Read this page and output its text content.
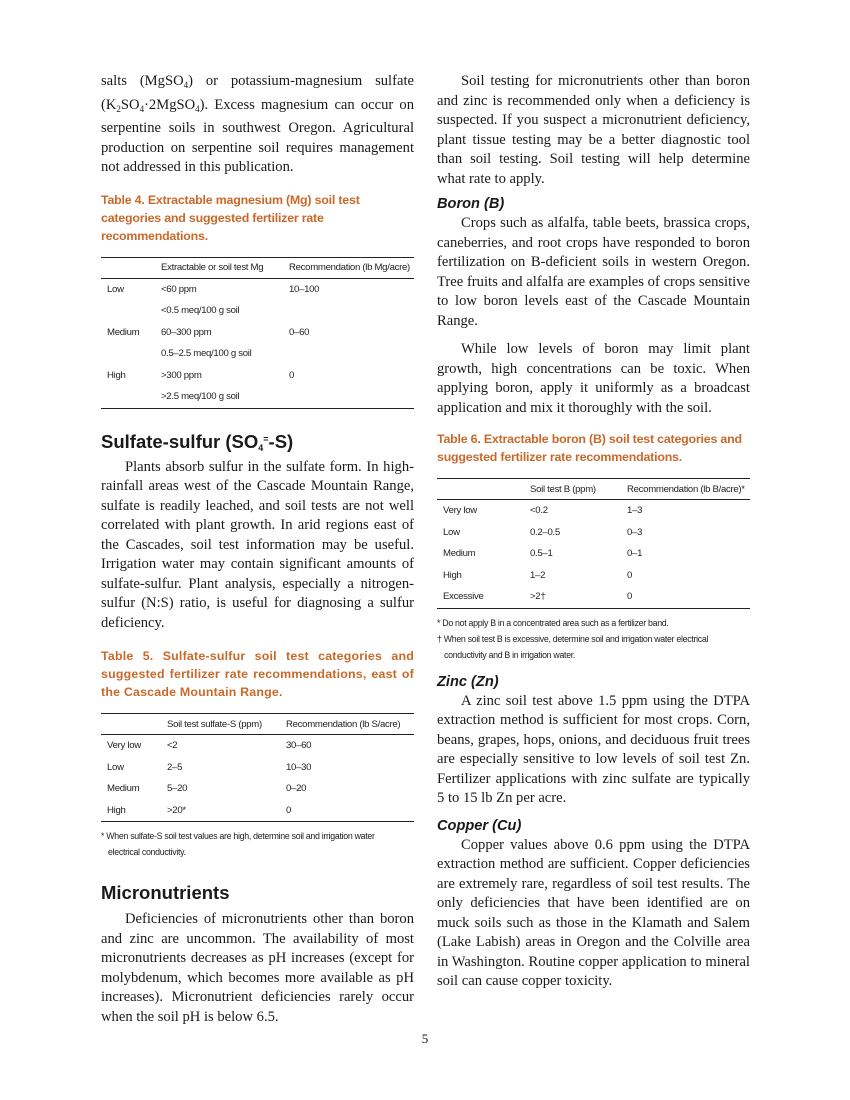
salts (MgSO$_4$) or potassium-magnesium sulfate $(K_2SO_4\cdot 2MgSO_4)$. Excess magnesium can occur on serpentine soils in southwest Oregon. Agricultural production on serpentine soil requires management not addressed in this publication.

Table 4. Extractable magnesium (Mg) soil test categories and suggested fertilizer rate recommendations.

	Extractable or soil test Mg	Recommendation (lb Mg/acre)
Low	<60 ppm	10–100
	<0.5 meq/100 g soil	
Medium	60–300 ppm	0–60
	0.5–2.5 meq/100 g soil	
High	>300 ppm	0
	>2.5 meq/100 g soil	
Sulfate-sulfur $(SO_4^=-S)$

Plants absorb sulfur in the sulfate form. In high-rainfall areas west of the Cascade Mountain Range, sulfate is readily leached, and soil tests are not well correlated with plant growth. In arid regions east of the Cascades, soil test information may be useful. Irrigation water may contain significant amounts of sulfate-sulfur. Plant analysis, especially a nitrogen-sulfur (N:S) ratio, is useful for diagnosing a sulfur deficiency.

Table 5. Sulfate-sulfur soil test categories and suggested fertilizer rate recommendations, east of the Cascade Mountain Range.

	Soil test sulfate-S (ppm)	Recommendation (lb S/acre)
Very low	<2	30–60
Low	2–5	10–30
Medium	5–20	0–20
High	>20*	0
* When sulfate-S soil test values are high, determine soil and irrigation water
electrical conductivity.
Micronutrients

Deficiencies of micronutrients other than boron and zinc are uncommon. The availability of most micronutrients decreases as pH increases (except for molybdenum, which becomes more available as pH increases). Micronutrient deficiencies rarely occur when the soil pH is below 6.5.

Soil testing for micronutrients other than boron and zinc is recommended only when a deficiency is suspected. If you suspect a micronutrient deficiency, plant tissue testing may be a better diagnostic tool than soil testing. Soil testing will help determine what rate to apply.

Boron (B)

Crops such as alfalfa, table beets, brassica crops, caneberries, and root crops have responded to boron fertilization on B-deficient soils in western Oregon. Tree fruits and alfalfa are examples of crops sensitive to low boron levels east of the Cascade Mountain Range.

While low levels of boron may limit plant growth, high concentrations can be toxic. When applying boron, apply it uniformly as a broadcast application and mix it thoroughly with the soil.

Table 6. Extractable boron (B) soil test categories and suggested fertilizer rate recommendations.

	Soil test B (ppm)	Recommendation (lb B/acre)*
Very low	<0.2	1–3
Low	0.2–0.5	0–3
Medium	0.5–1	0–1
High	1–2	0
Excessive	>2†	0
* Do not apply B in a concentrated area such as a fertilizer band.
† When soil test B is excessive, determine soil and irrigation water electrical
conductivity and B in irrigation water.
Zinc (Zn)

A zinc soil test above 1.5 ppm using the DTPA extraction method is sufficient for most crops. Corn, beans, grapes, hops, onions, and deciduous fruit trees are especially sensitive to low levels of soil test Zn. Fertilizer applications with zinc sulfate are typically 5 to 15 lb Zn per acre.

Copper (Cu)

Copper values above 0.6 ppm using the DTPA extraction method are sufficient. Copper deficiencies are extremely rare, regardless of soil test results. The only deficiencies that have been identified are on muck soils such as those in the Klamath and Salem (Lake Labish) areas in Oregon and the Colville area in Washington. Routine copper application to mineral soil can cause copper toxicity.

5
